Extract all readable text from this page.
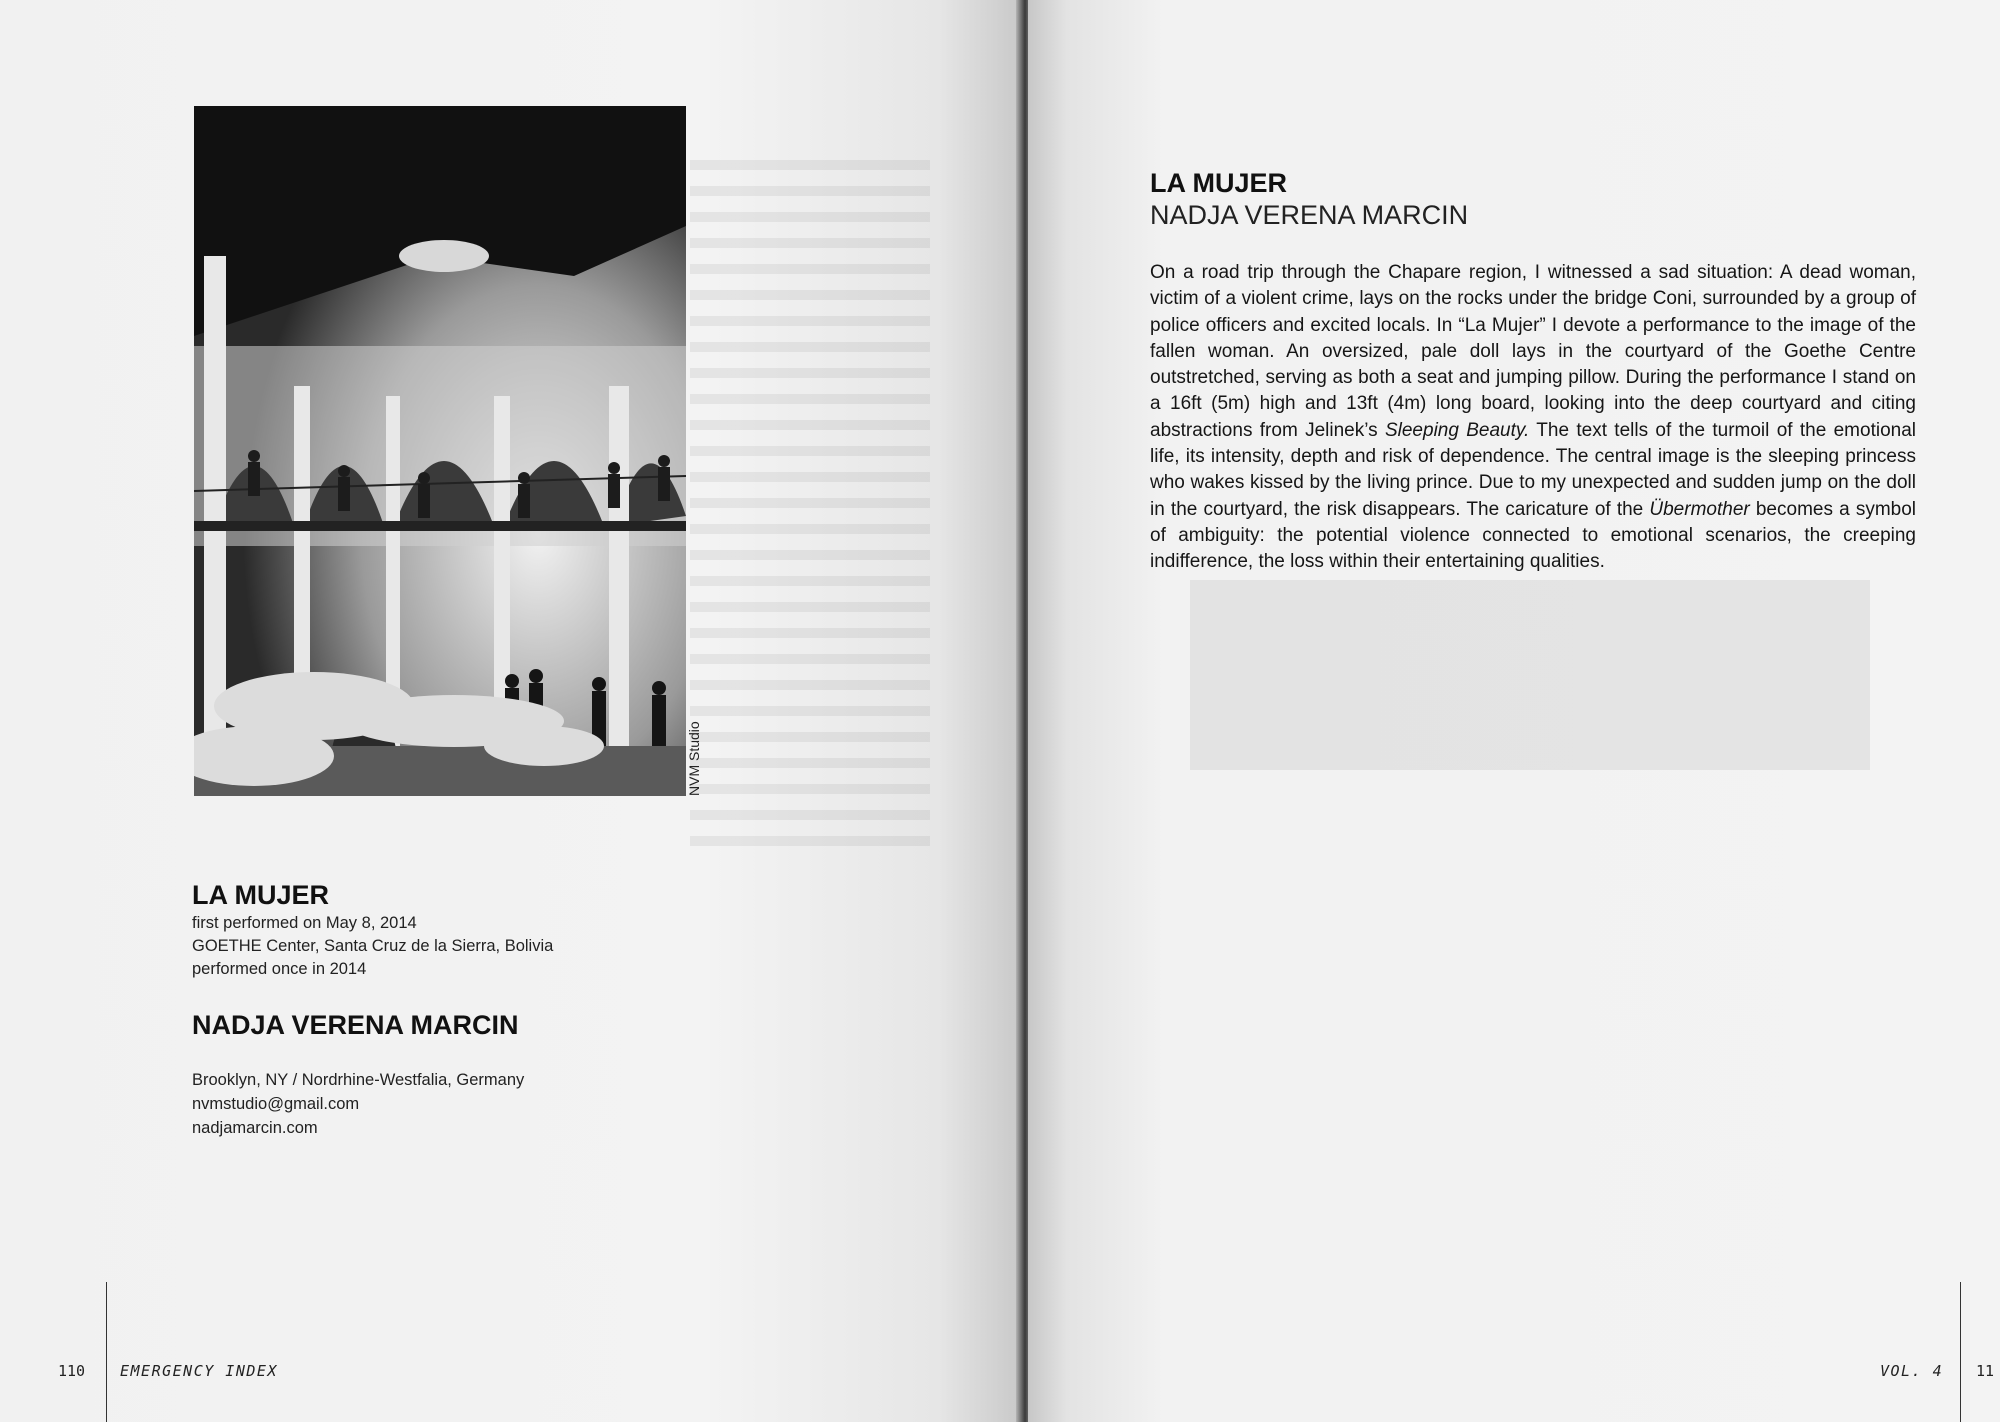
NVM Studio
LA MUJER
first performed on May 8, 2014
GOETHE Center, Santa Cruz de la Sierra, Bolivia
performed once in 2014
NADJA VERENA MARCIN
Brooklyn, NY / Nordrhine-Westfalia, Germany
nvmstudio@gmail.com
nadjamarcin.com
110 EMERGENCY INDEX
LA MUJER
NADJA VERENA MARCIN

On a road trip through the Chapare region, I witnessed a sad situation: A dead woman, victim of a violent crime, lays on the rocks under the bridge Coni, surrounded by a group of police officers and excited locals. In “La Mujer” I devote a performance to the image of the fallen woman. An oversized, pale doll lays in the courtyard of the Goethe Centre outstretched, serving as both a seat and jumping pillow. During the performance I stand on a 16ft (5m) high and 13ft (4m) long board, looking into the deep courtyard and citing abstractions from Jelinek’s Sleeping Beauty. The text tells of the turmoil of the emotional life, its intensity, depth and risk of dependence. The central image is the sleeping princess who wakes kissed by the living prince. Due to my unexpected and sudden jump on the doll in the courtyard, the risk disappears. The caricature of the Übermother becomes a symbol of ambiguity: the potential violence connected to emotional scenarios, the creeping indifference, the loss within their entertaining qualities.

VOL. 4 11
